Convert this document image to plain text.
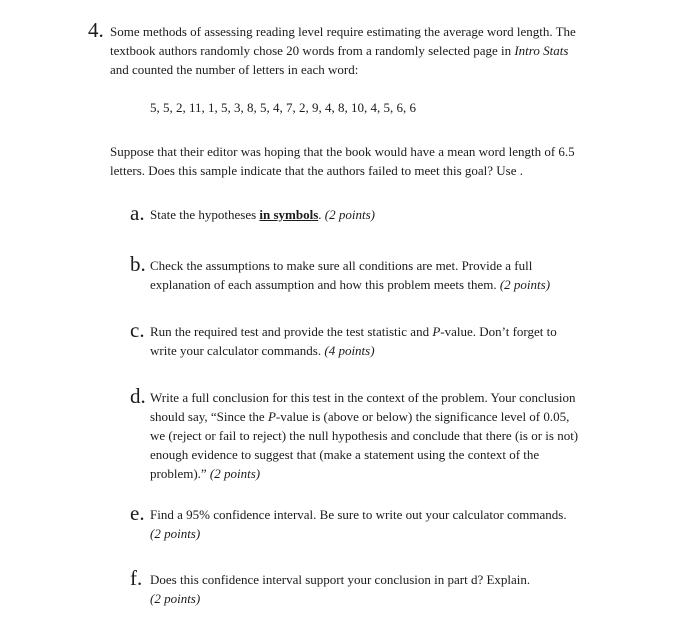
4. Some methods of assessing reading level require estimating the average word length. The
textbook authors randomly chose 20 words from a randomly selected page in Intro Stats
and counted the number of letters in each word:
5, 5, 2, 11, 1, 5, 3, 8, 5, 4, 7, 2, 9, 4, 8, 10, 4, 5, 6, 6
Suppose that their editor was hoping that the book would have a mean word length of 6.5
letters. Does this sample indicate that the authors failed to meet this goal? Use .
a. State the hypotheses in symbols. (2 points)
b. Check the assumptions to make sure all conditions are met. Provide a full
explanation of each assumption and how this problem meets them. (2 points)
c. Run the required test and provide the test statistic and P-value. Don’t forget to
write your calculator commands. (4 points)
d. Write a full conclusion for this test in the context of the problem. Your conclusion
should say, “Since the P-value is (above or below) the significance level of 0.05,
we (reject or fail to reject) the null hypothesis and conclude that there (is or is not)
enough evidence to suggest that (make a statement using the context of the
problem).” (2 points)
e. Find a 95% confidence interval. Be sure to write out your calculator commands.
(2 points)
f. Does this confidence interval support your conclusion in part d? Explain.
(2 points)
